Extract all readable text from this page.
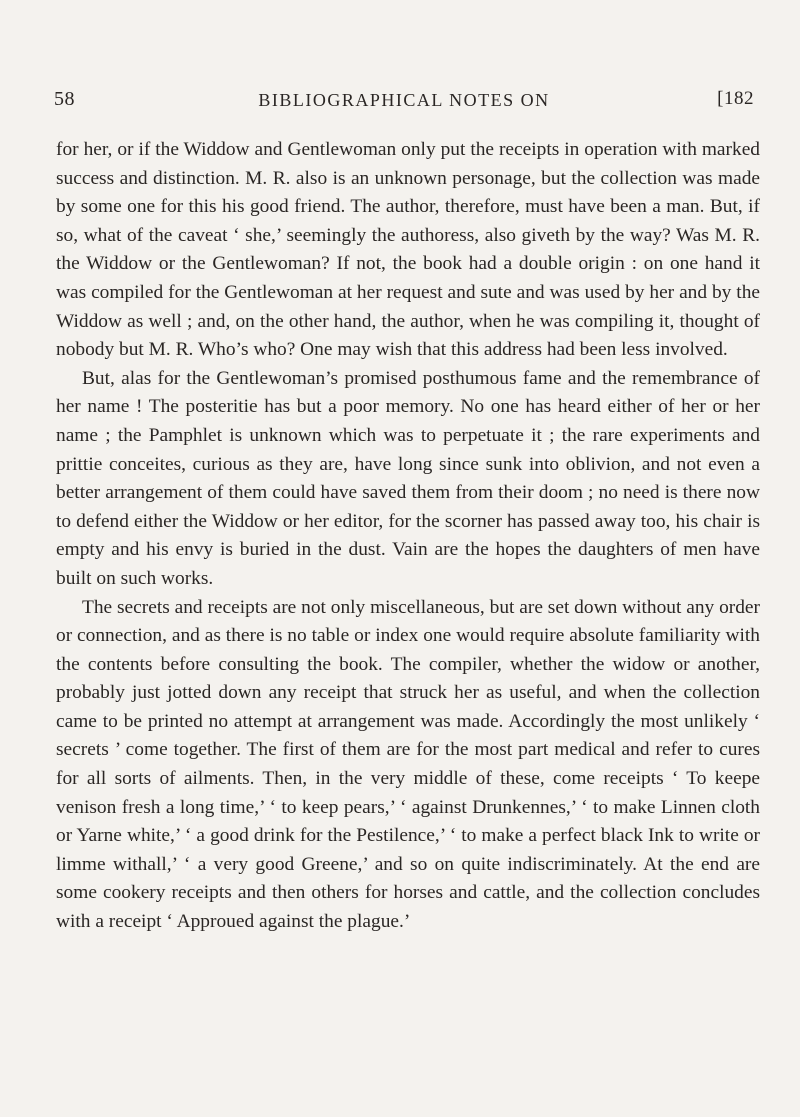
58	BIBLIOGRAPHICAL NOTES ON	[182

for her, or if the Widdow and Gentlewoman only put the receipts in operation with marked success and distinction. M. R. also is an unknown personage, but the collection was made by some one for this his good friend. The author, therefore, must have been a man. But, if so, what of the caveat ‘ she,’ seemingly the authoress, also giveth by the way? Was M. R. the Widdow or the Gentlewoman? If not, the book had a double origin : on one hand it was compiled for the Gentlewoman at her request and sute and was used by her and by the Widdow as well ; and, on the other hand, the author, when he was compiling it, thought of nobody but M. R. Who’s who? One may wish that this address had been less involved.

But, alas for the Gentlewoman’s promised posthumous fame and the remembrance of her name ! The posteritie has but a poor memory. No one has heard either of her or her name ; the Pamphlet is unknown which was to perpetuate it ; the rare experiments and prittie conceites, curious as they are, have long since sunk into oblivion, and not even a better arrangement of them could have saved them from their doom ; no need is there now to defend either the Widdow or her editor, for the scorner has passed away too, his chair is empty and his envy is buried in the dust. Vain are the hopes the daughters of men have built on such works.

The secrets and receipts are not only miscellaneous, but are set down without any order or connection, and as there is no table or index one would require absolute familiarity with the contents before consulting the book. The compiler, whether the widow or another, probably just jotted down any receipt that struck her as useful, and when the collection came to be printed no attempt at arrangement was made. Accordingly the most unlikely ‘ secrets ’ come together. The first of them are for the most part medical and refer to cures for all sorts of ailments. Then, in the very middle of these, come receipts ‘ To keepe venison fresh a long time,’ ‘ to keep pears,’ ‘ against Drunkennes,’ ‘ to make Linnen cloth or Yarne white,’ ‘ a good drink for the Pestilence,’ ‘ to make a perfect black Ink to write or limme withall,’ ‘ a very good Greene,’ and so on quite indiscriminately. At the end are some cookery receipts and then others for horses and cattle, and the collection concludes with a receipt ‘ Approued against the plague.’
